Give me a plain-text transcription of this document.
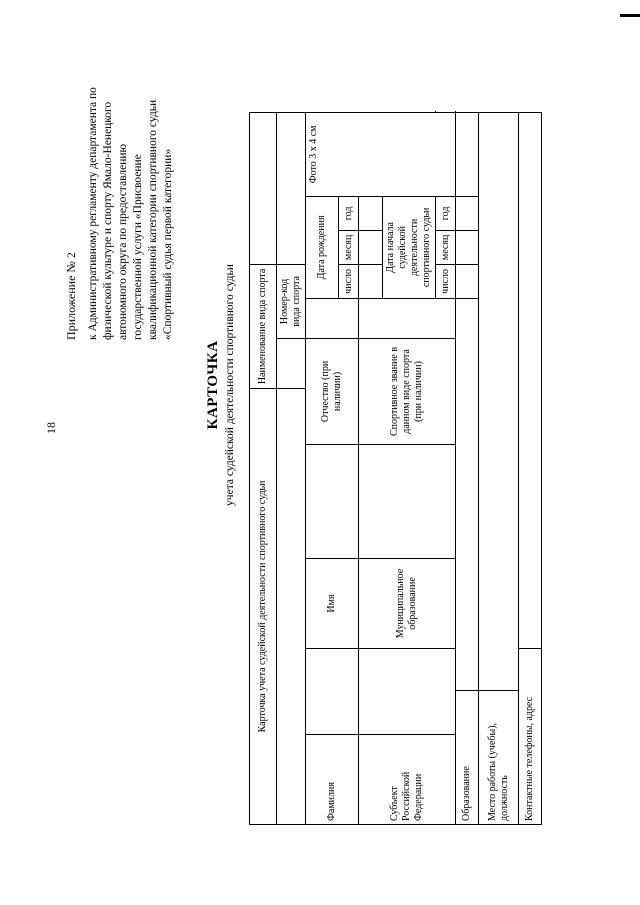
18
Приложение № 2 к Административному регламенту департамента по физической культуре и спорту Ямало-Ненецкого автономного округа по предоставлению государственной услуги «Присвоение квалификационной категории спортивного судьи «Спортивный судья первой категории»
КАРТОЧКА учета судейской деятельности спортивного судьи
Карточка учета судейской деятельности спортивного судьи						Наименование вида спорта						
							Номер-код вида спорта					
Фамилия			Имя		Отчество (при наличии)			Дата рождения			Фото 3 х 4 см	
								число	месяц	год		
Субъект Российской Федерации			Муниципальное образование		Спортивное звание в данном виде спорта (при наличии)							
								Дата начала судейской деятельности спортивного судьи				
								число	месяц	год		
Образование												
Место работы (учебы), должность												
Контактные телефоны, адрес												
